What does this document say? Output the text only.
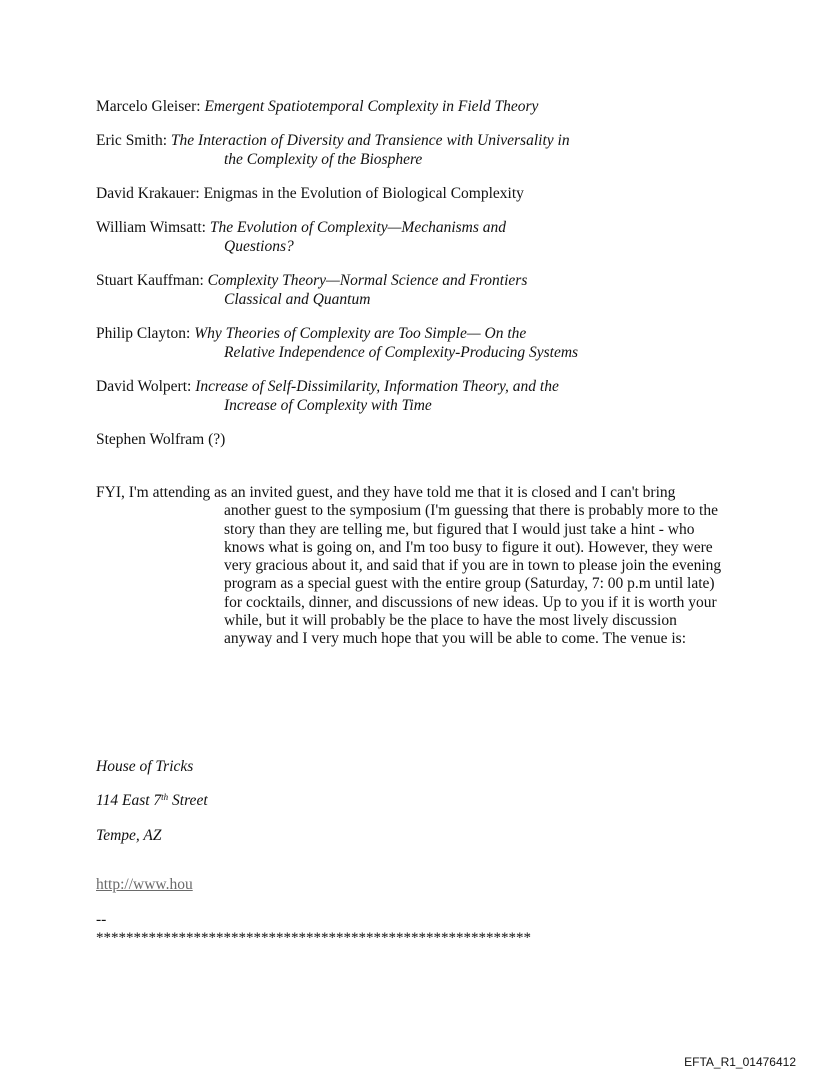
Marcelo Gleiser: Emergent Spatiotemporal Complexity in Field Theory
Eric Smith: The Interaction of Diversity and Transience with Universality in
the Complexity of the Biosphere
David Krakauer: Enigmas in the Evolution of Biological Complexity
William Wimsatt: The Evolution of Complexity—Mechanisms and
Questions?
Stuart Kauffman: Complexity Theory—Normal Science and Frontiers
Classical and Quantum
Philip Clayton: Why Theories of Complexity are Too Simple— On the
Relative Independence of Complexity-Producing Systems
David Wolpert: Increase of Self-Dissimilarity, Information Theory, and the
Increase of Complexity with Time
Stephen Wolfram (?)
FYI, I'm attending as an invited guest, and they have told me that it is closed and I can't bring another guest to the symposium (I'm guessing that there is probably more to the story than they are telling me, but figured that I would just take a hint - who knows what is going on, and I'm too busy to figure it out). However, they were very gracious about it, and said that if you are in town to please join the evening program as a special guest with the entire group (Saturday, 7: 00 p.m until late) for cocktails, dinner, and discussions of new ideas. Up to you if it is worth your while, but it will probably be the place to have the most lively discussion anyway and I very much hope that you will be able to come. The venue is:
House of Tricks
114 East 7th Street
Tempe, AZ
http://www.hou
--
**********************************************************
EFTA_R1_01476412
